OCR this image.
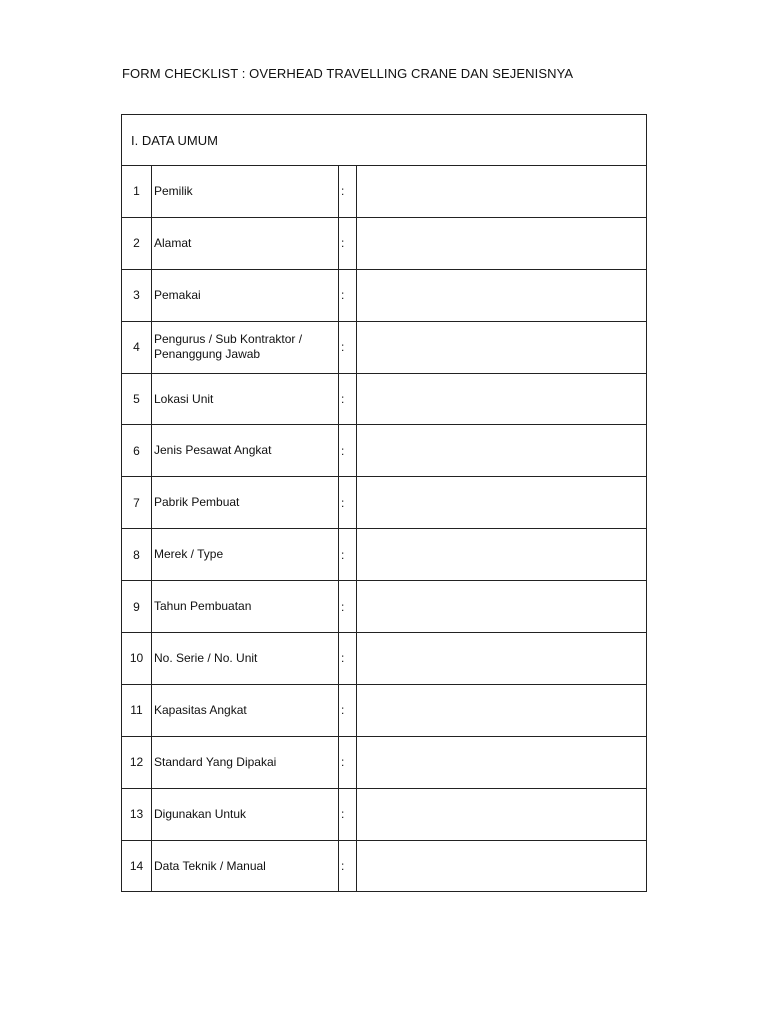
FORM CHECKLIST : OVERHEAD TRAVELLING CRANE DAN SEJENISNYA
I. DATA UMUM			
1	Pemilik	:	
2	Alamat	:	
3	Pemakai	:	
4	Pengurus / Sub Kontraktor / Penanggung Jawab	:	
5	Lokasi Unit	:	
6	Jenis Pesawat Angkat	:	
7	Pabrik Pembuat	:	
8	Merek / Type	:	
9	Tahun Pembuatan	:	
10	No. Serie / No. Unit	:	
11	Kapasitas Angkat	:	
12	Standard Yang Dipakai	:	
13	Digunakan Untuk	:	
14	Data Teknik / Manual	:	
